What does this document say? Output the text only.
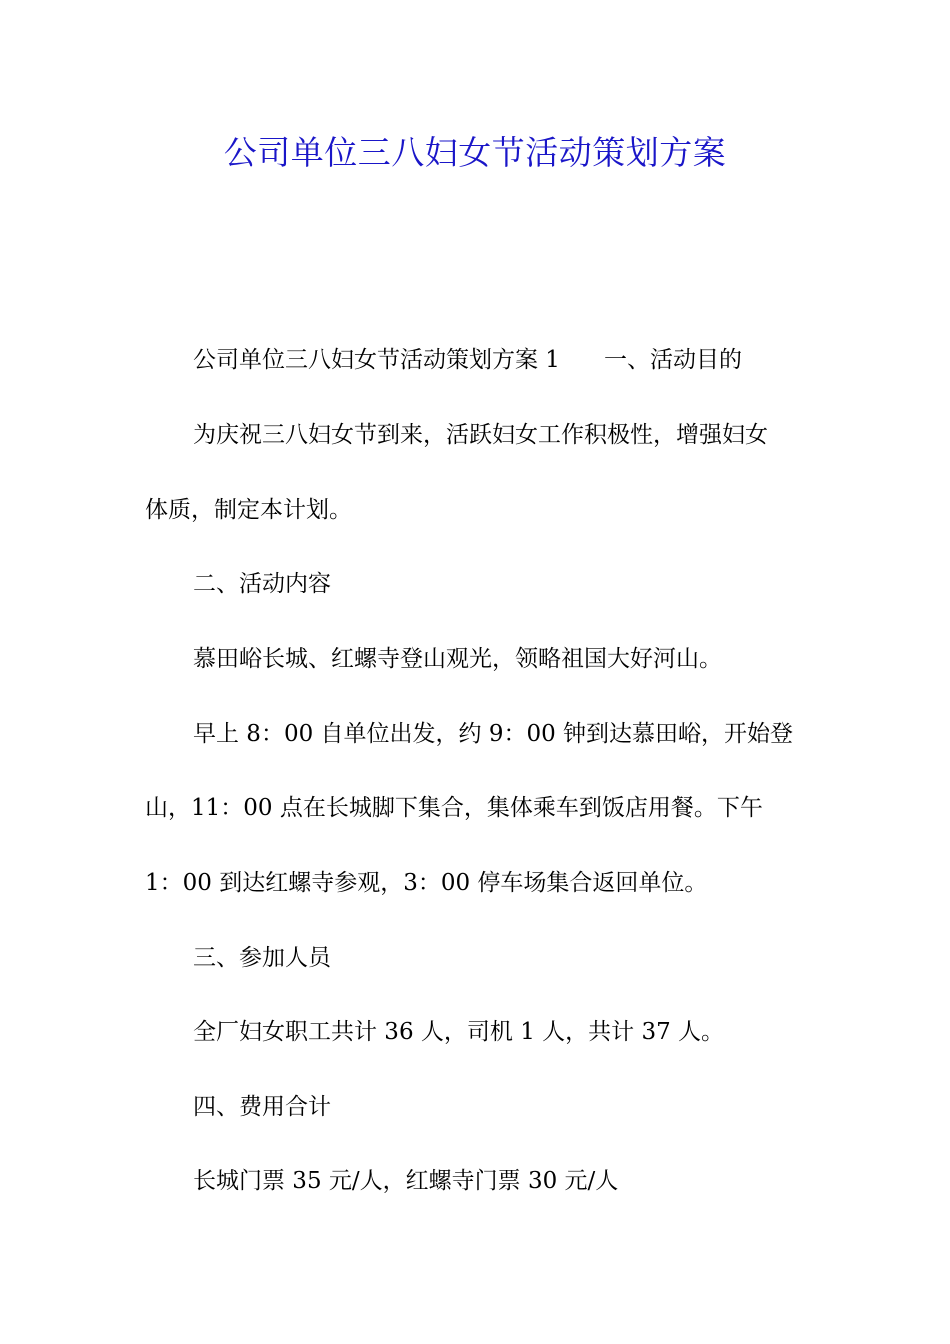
公司单位三八妇女节活动策划方案

公司单位三八妇女节活动策划方案 1 一、活动目的

为庆祝三八妇女节到来，活跃妇女工作积极性，增强妇女

体质，制定本计划。

二、活动内容

慕田峪长城、红螺寺登山观光，领略祖国大好河山。

早上 8：00 自单位出发，约 9：00 钟到达慕田峪，开始登

山，11：00 点在长城脚下集合，集体乘车到饭店用餐。下午

1：00 到达红螺寺参观，3：00 停车场集合返回单位。

三、参加人员

全厂妇女职工共计 36 人，司机 1 人，共计 37 人。

四、费用合计

长城门票 35 元/人，红螺寺门票 30 元/人
